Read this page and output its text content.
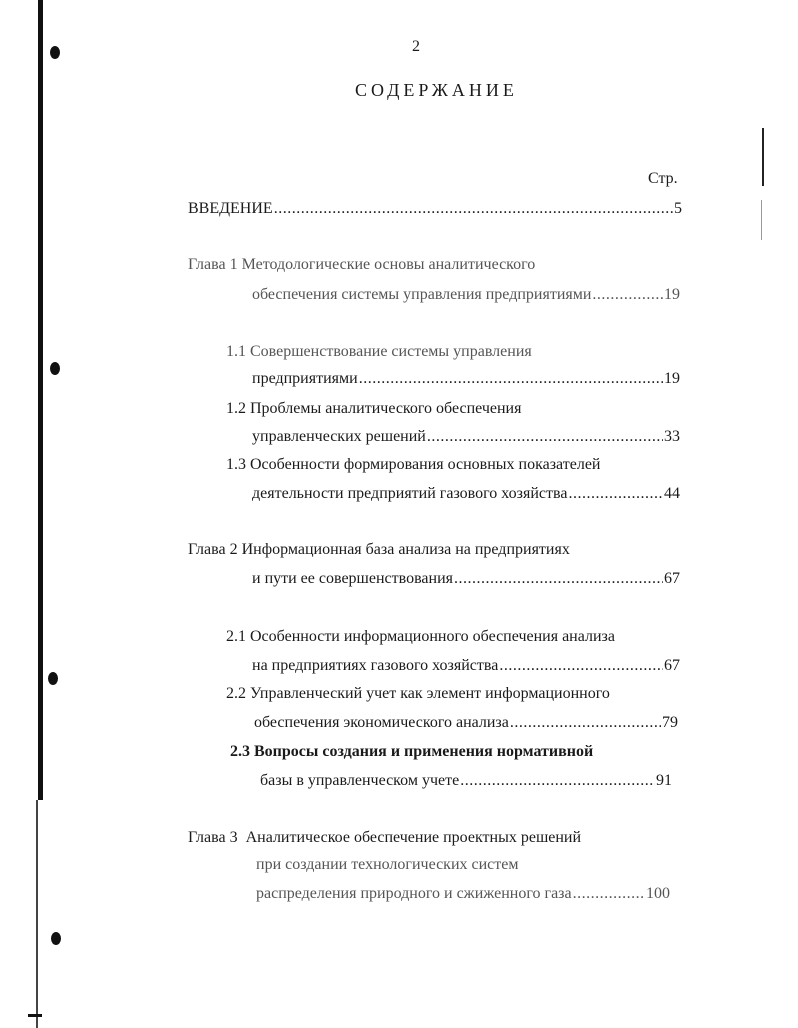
2
СОДЕРЖАНИЕ
Стр.
ВВЕДЕНИЕ .....	5
Глава 1 Методологические основы аналитического
обеспечения системы управления предприятиями .....	19
1.1 Совершенствование системы управления
предприятиями .....	19
1.2 Проблемы аналитического обеспечения
управленческих решений .....	33
1.3 Особенности формирования основных показателей
деятельности предприятий газового хозяйства .....	44
Глава 2 Информационная база анализа на предприятиях
и пути ее совершенствования .....	67
2.1 Особенности информационного обеспечения анализа
на предприятиях газового хозяйства .....	67
2.2 Управленческий учет как элемент информационного
обеспечения экономического анализа .....	79
2.3 Вопросы создания и применения нормативной
базы в управленческом учете .....	91
Глава 3  Аналитическое обеспечение проектных решений
при создании технологических систем
распределения природного и сжиженного газа .....	100
